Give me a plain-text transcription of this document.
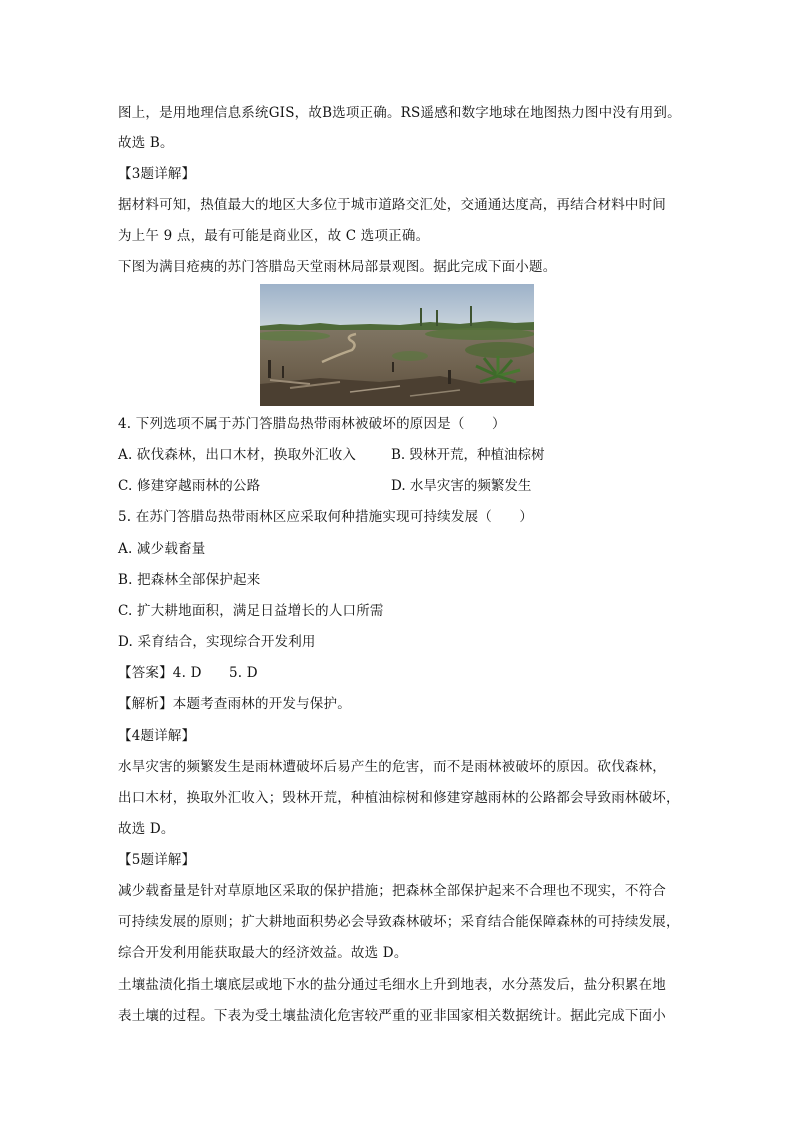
图上，是用地理信息系统GIS，故B选项正确。RS遥感和数字地球在地图热力图中没有用到。
故选 B。
【3题详解】
据材料可知，热值最大的地区大多位于城市道路交汇处，交通通达度高，再结合材料中时间
为上午 9 点，最有可能是商业区，故 C 选项正确。
下图为满目疮痍的苏门答腊岛天堂雨林局部景观图。据此完成下面小题。
4. 下列选项不属于苏门答腊岛热带雨林被破坏的原因是（　　）
A. 砍伐森林，出口木材，换取外汇收入	B. 毁林开荒，种植油棕树
C. 修建穿越雨林的公路	D. 水旱灾害的频繁发生
5. 在苏门答腊岛热带雨林区应采取何种措施实现可持续发展（　　）
A. 减少载畜量
B. 把森林全部保护起来
C. 扩大耕地面积，满足日益增长的人口所需
D. 采育结合，实现综合开发利用
【答案】4. D　　5. D
【解析】本题考查雨林的开发与保护。
【4题详解】
水旱灾害的频繁发生是雨林遭破坏后易产生的危害，而不是雨林被破坏的原因。砍伐森林，
出口木材，换取外汇收入；毁林开荒，种植油棕树和修建穿越雨林的公路都会导致雨林破坏，
故选 D。
【5题详解】
减少载畜量是针对草原地区采取的保护措施；把森林全部保护起来不合理也不现实，不符合
可持续发展的原则；扩大耕地面积势必会导致森林破坏；采育结合能保障森林的可持续发展，
综合开发利用能获取最大的经济效益。故选 D。
土壤盐渍化指土壤底层或地下水的盐分通过毛细水上升到地表，水分蒸发后，盐分积累在地
表土壤的过程。下表为受土壤盐渍化危害较严重的亚非国家相关数据统计。据此完成下面小
